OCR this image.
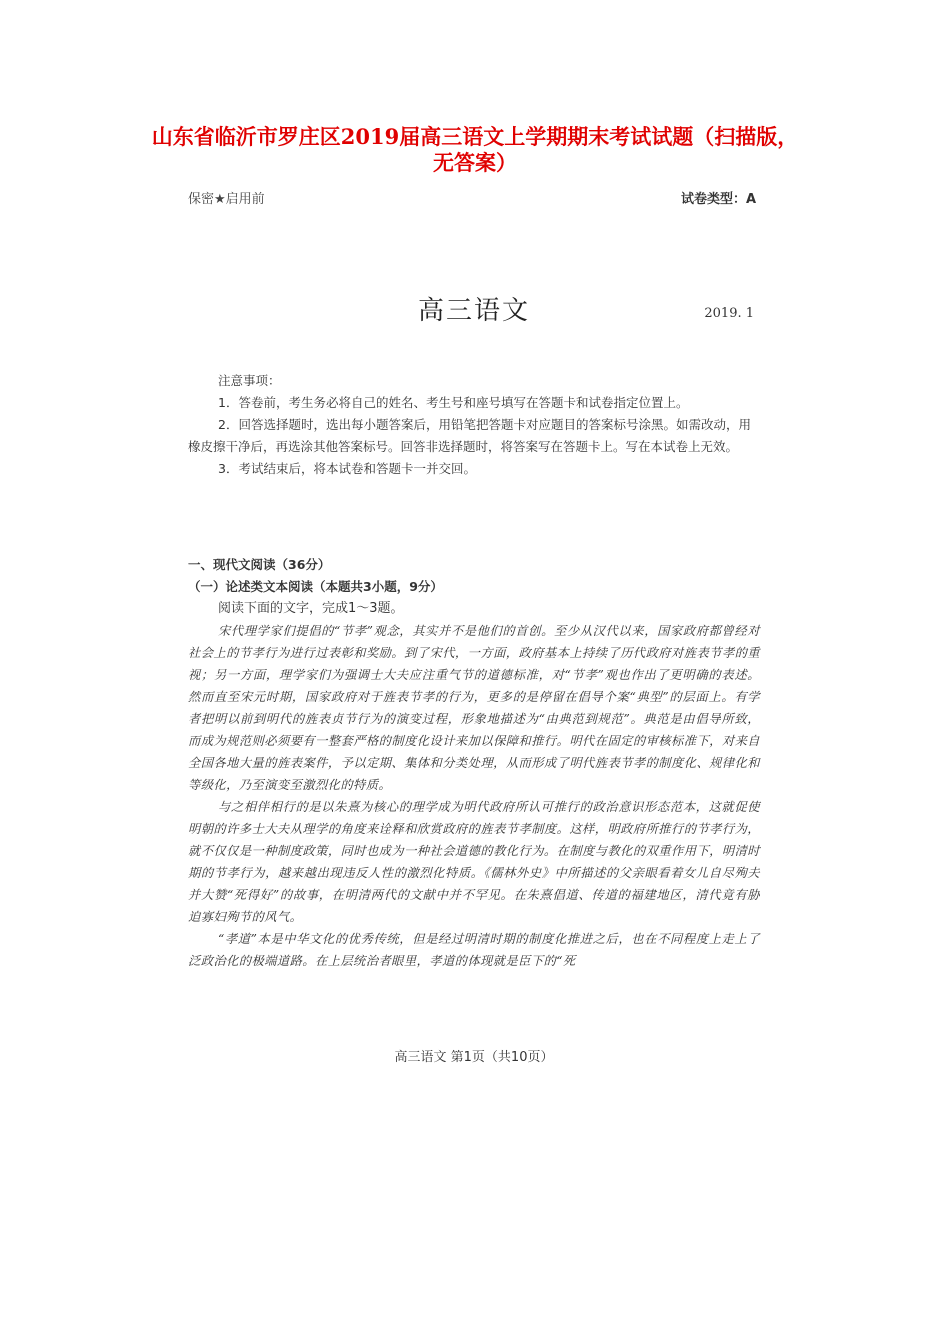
山东省临沂市罗庄区2019届高三语文上学期期末考试试题（扫描版，
无答案）
保密★启用前	试卷类型：A
高三语文	2019. 1
注意事项：

1．答卷前，考生务必将自己的姓名、考生号和座号填写在答题卡和试卷指定位置上。

2．回答选择题时，选出每小题答案后，用铅笔把答题卡对应题目的答案标号涂黑。如需改动，用橡皮擦干净后，再选涂其他答案标号。回答非选择题时，将答案写在答题卡上。写在本试卷上无效。

3．考试结束后，将本试卷和答题卡一并交回。

一、现代文阅读（36分）

（一）论述类文本阅读（本题共3小题，9分）

阅读下面的文字，完成1～3题。

宋代理学家们提倡的“节孝”观念，其实并不是他们的首创。至少从汉代以来，国家政府都曾经对社会上的节孝行为进行过表彰和奖励。到了宋代，一方面，政府基本上持续了历代政府对旌表节孝的重视；另一方面，理学家们为强调士大夫应注重气节的道德标准，对“节孝”观也作出了更明确的表述。然而直至宋元时期，国家政府对于旌表节孝的行为，更多的是停留在倡导个案“典型”的层面上。有学者把明以前到明代的旌表贞节行为的演变过程，形象地描述为“由典范到规范”。典范是由倡导所致，而成为规范则必须要有一整套严格的制度化设计来加以保障和推行。明代在固定的审核标准下，对来自全国各地大量的旌表案件，予以定期、集体和分类处理，从而形成了明代旌表节孝的制度化、规律化和等级化，乃至演变至激烈化的特质。

与之相伴相行的是以朱熹为核心的理学成为明代政府所认可推行的政治意识形态范本，这就促使明朝的许多士大夫从理学的角度来诠释和欣赏政府的旌表节孝制度。这样，明政府所推行的节孝行为，就不仅仅是一种制度政策，同时也成为一种社会道德的教化行为。在制度与教化的双重作用下，明清时期的节孝行为，越来越出现违反人性的激烈化特质。《儒林外史》中所描述的父亲眼看着女儿自尽殉夫并大赞“死得好”的故事，在明清两代的文献中并不罕见。在朱熹倡道、传道的福建地区，清代竟有胁迫寡妇殉节的风气。

“孝道”本是中华文化的优秀传统，但是经过明清时期的制度化推进之后，也在不同程度上走上了泛政治化的极端道路。在上层统治者眼里，孝道的体现就是臣下的“死

高三语文 第1页（共10页）
